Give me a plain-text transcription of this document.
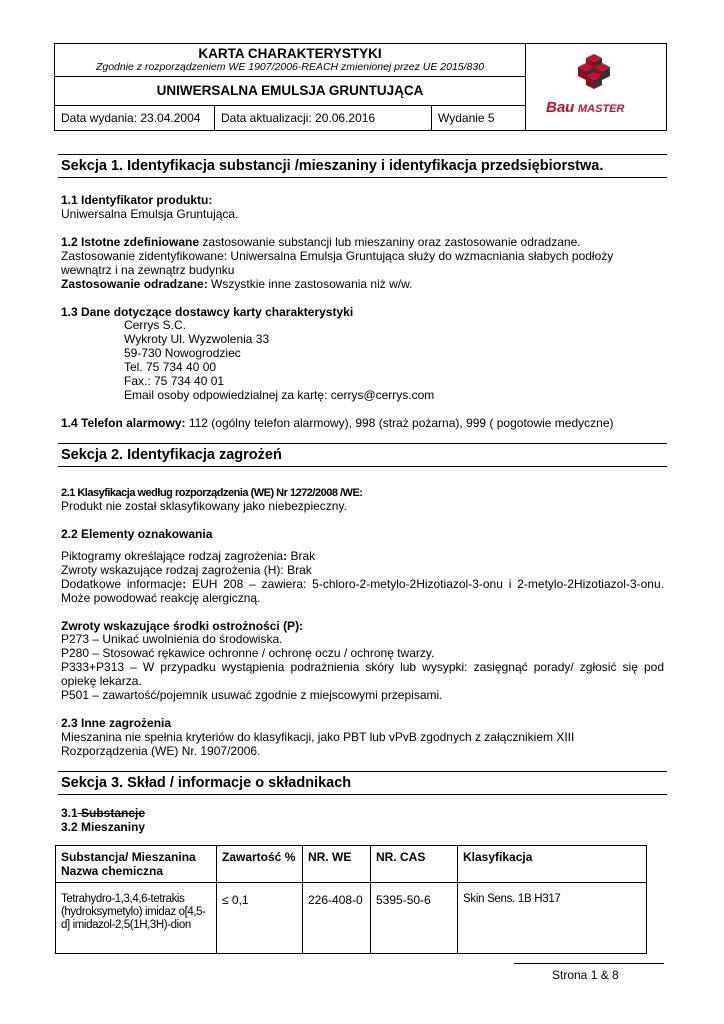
KARTA CHARAKTERYSTYKI
Zgodnie z rozporządzeniem WE 1907/2006-REACH zmienionej przez UE 2015/830
UNIWERSALNA EMULSJA GRUNTUJĄCA
Data wydania: 23.04.2004	Data aktualizacji: 20.06.2016	Wydanie 5
Bau MASTER
Sekcja 1. Identyfikacja substancji /mieszaniny i identyfikacja przedsiębiorstwa.
1.1 Identyfikator produktu:
Uniwersalna Emulsja Gruntująca.
1.2 Istotne zdefiniowane zastosowanie substancji lub mieszaniny oraz zastosowanie odradzane.
Zastosowanie zidentyfikowane: Uniwersalna Emulsja Gruntująca służy do wzmacniania słabych podłoży
wewnątrz i na zewnątrz budynku
Zastosowanie odradzane: Wszystkie inne zastosowania niż w/w.
1.3 Dane dotyczące dostawcy karty charakterystyki
Cerrys S.C.
Wykroty Ul. Wyzwolenia 33
59-730 Nowogrodziec
Tel. 75 734 40 00
Fax.: 75 734 40 01
Email osoby odpowiedzialnej za kartę: cerrys@cerrys.com
1.4 Telefon alarmowy: 112 (ogólny telefon alarmowy), 998 (straż pożarna), 999 ( pogotowie medyczne)
Sekcja 2. Identyfikacja zagrożeń
2.1 Klasyfikacja według rozporządzenia (WE) Nr 1272/2008 /WE:
Produkt nie został sklasyfikowany jako niebezpieczny.
2.2 Elementy oznakowania
Piktogramy określające rodzaj zagrożenia: Brak
Zwroty wskazujące rodzaj zagrożenia (H): Brak
Dodatkowe informacje: EUH 208 – zawiera: 5-chloro-2-metylo-2Hizotiazol-3-onu i 2-metylo-2Hizotiazol-3-onu. Może powodować reakcję alergiczną.
Zwroty wskazujące środki ostrożności (P):
P273 – Unikać uwolnienia do środowiska.
P280 – Stosować rękawice ochronne / ochronę oczu / ochronę twarzy.
P333+P313 – W przypadku wystąpienia podrażnienia skóry lub wysypki: zasięgnąć porady/ zgłosić się pod opiekę lekarza.
P501 – zawartość/pojemnik usuwać zgodnie z miejscowymi przepisami.
2.3 Inne zagrożenia
Mieszanina nie spełnia kryteriów do klasyfikacji, jako PBT lub vPvB zgodnych z załącznikiem XIII Rozporządzenia (WE) Nr. 1907/2006.
Sekcja 3. Skład / informacje o składnikach
3.1 Substancje
3.2 Mieszaniny
Substancja/ Mieszanina Nazwa chemiczna	Zawartość %	NR. WE	NR. CAS	Klasyfikacja
Tetrahydro-1,3,4,6-tetrakis (hydroksymetylo) imidaz o[4,5-d] imidazol-2,5(1H,3H)-dion	≤ 0,1	226-408-0	5395-50-6	Skin Sens. 1B H317
Strona 1 & 8
